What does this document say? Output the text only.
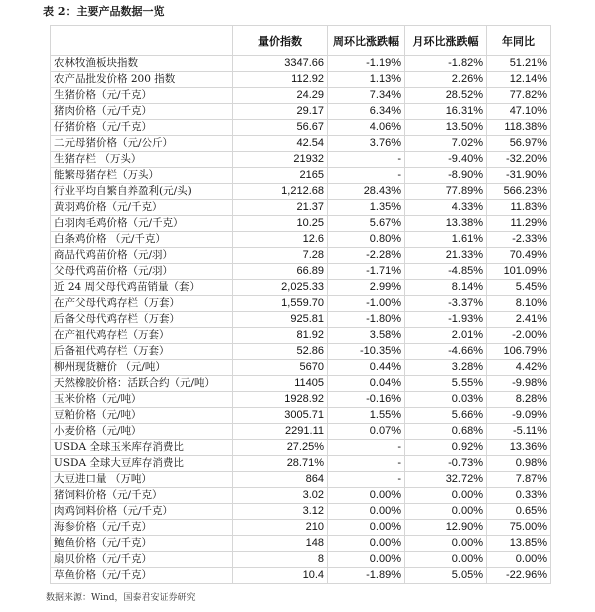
表 2：主要产品数据一览
	量价指数	周环比涨跌幅	月环比涨跌幅	年同比
农林牧渔板块指数	3347.66	-1.19%	-1.82%	51.21%
农产品批发价格 200 指数	112.92	1.13%	2.26%	12.14%
生猪价格（元/千克）	24.29	7.34%	28.52%	77.82%
猪肉价格（元/千克）	29.17	6.34%	16.31%	47.10%
仔猪价格（元/千克）	56.67	4.06%	13.50%	118.38%
二元母猪价格（元/公斤）	42.54	3.76%	7.02%	56.97%
生猪存栏 （万头）	21932	-	-9.40%	-32.20%
能繁母猪存栏（万头）	2165	-	-8.90%	-31.90%
行业平均自繁自养盈利(元/头)	1,212.68	28.43%	77.89%	566.23%
黄羽鸡价格（元/千克）	21.37	1.35%	4.33%	11.83%
白羽肉毛鸡价格（元/千克）	10.25	5.67%	13.38%	11.29%
白条鸡价格 （元/千克）	12.6	0.80%	1.61%	-2.33%
商品代鸡苗价格（元/羽）	7.28	-2.28%	21.33%	70.49%
父母代鸡苗价格（元/羽）	66.89	-1.71%	-4.85%	101.09%
近 24 周父母代鸡苗销量（套）	2,025.33	2.99%	8.14%	5.45%
在产父母代鸡存栏（万套）	1,559.70	-1.00%	-3.37%	8.10%
后备父母代鸡存栏（万套）	925.81	-1.80%	-1.93%	2.41%
在产祖代鸡存栏（万套）	81.92	3.58%	2.01%	-2.00%
后备祖代鸡存栏（万套）	52.86	-10.35%	-4.66%	106.79%
柳州现货糖价 （元/吨）	5670	0.44%	3.28%	4.42%
天然橡胶价格：活跃合约（元/吨）	11405	0.04%	5.55%	-9.98%
玉米价格（元/吨）	1928.92	-0.16%	0.03%	8.28%
豆粕价格（元/吨）	3005.71	1.55%	5.66%	-9.09%
小麦价格（元/吨）	2291.11	0.07%	0.68%	-5.11%
USDA 全球玉米库存消费比	27.25%	-	0.92%	13.36%
USDA 全球大豆库存消费比	28.71%	-	-0.73%	0.98%
大豆进口量 （万吨）	864	-	32.72%	7.87%
猪饲料价格（元/千克）	3.02	0.00%	0.00%	0.33%
肉鸡饲料价格（元/千克）	3.12	0.00%	0.00%	0.65%
海参价格（元/千克）	210	0.00%	12.90%	75.00%
鲍鱼价格（元/千克）	148	0.00%	0.00%	13.85%
扇贝价格（元/千克）	8	0.00%	0.00%	0.00%
草鱼价格（元/千克）	10.4	-1.89%	5.05%	-22.96%
数据来源：Wind，国泰君安证券研究
